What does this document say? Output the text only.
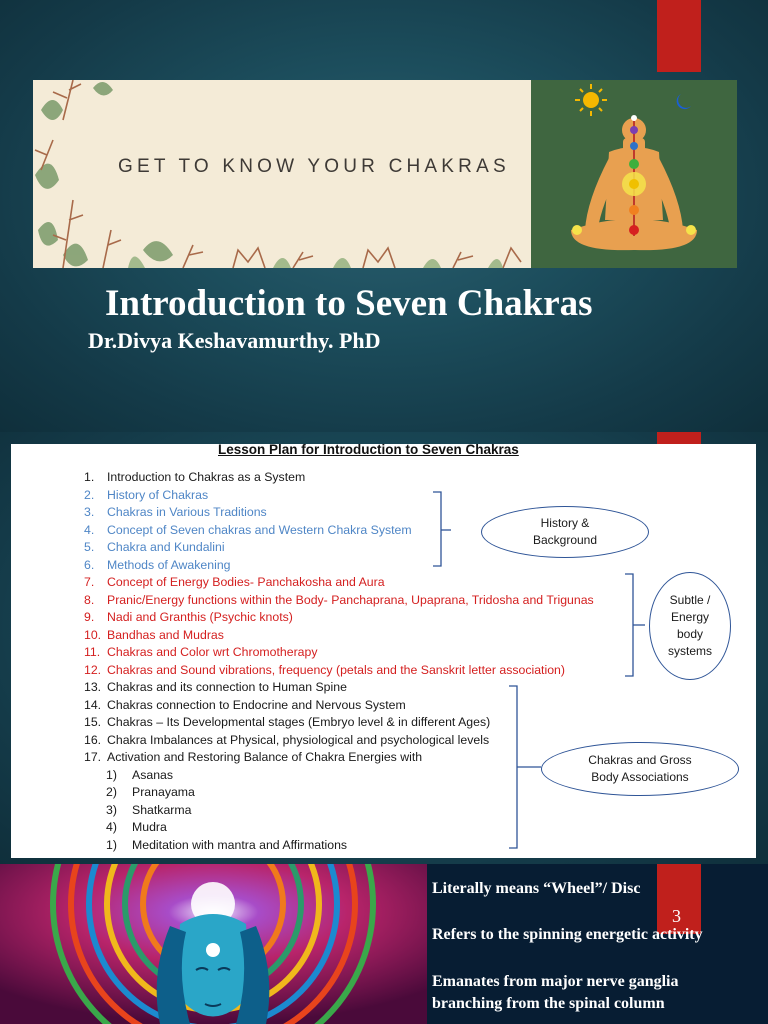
GET TO KNOW YOUR CHAKRAS
Introduction to Seven Chakras
Dr.Divya Keshavamurthy. PhD
Lesson Plan for Introduction to Seven Chakras
1. Introduction to Chakras as a System
2. History of Chakras
3. Chakras in Various Traditions
4. Concept of Seven chakras and Western Chakra System
5. Chakra and Kundalini
6. Methods of Awakening
7. Concept of Energy Bodies- Panchakosha and Aura
8. Pranic/Energy functions within the Body- Panchaprana, Upaprana, Tridosha and Trigunas
9. Nadi and Granthis (Psychic knots)
10. Bandhas and Mudras
11. Chakras and Color wrt Chromotherapy
12. Chakras and Sound vibrations, frequency (petals and the Sanskrit letter association)
13. Chakras and its connection to Human Spine
14. Chakras connection to Endocrine and Nervous System
15. Chakras – Its Developmental stages (Embryo level & in different Ages)
16. Chakra Imbalances at Physical, physiological and psychological levels
17. Activation and Restoring Balance of Chakra Energies with
1) Asanas
2) Pranayama
3) Shatkarma
4) Mudra
1) Meditation with mantra and Affirmations
History &
Background
Subtle /
Energy
body
systems
Chakras and Gross
Body Associations
Literally means “Wheel”/ Disc
Refers to the spinning energetic activity
Emanates from major nerve ganglia
branching from the spinal column
3
